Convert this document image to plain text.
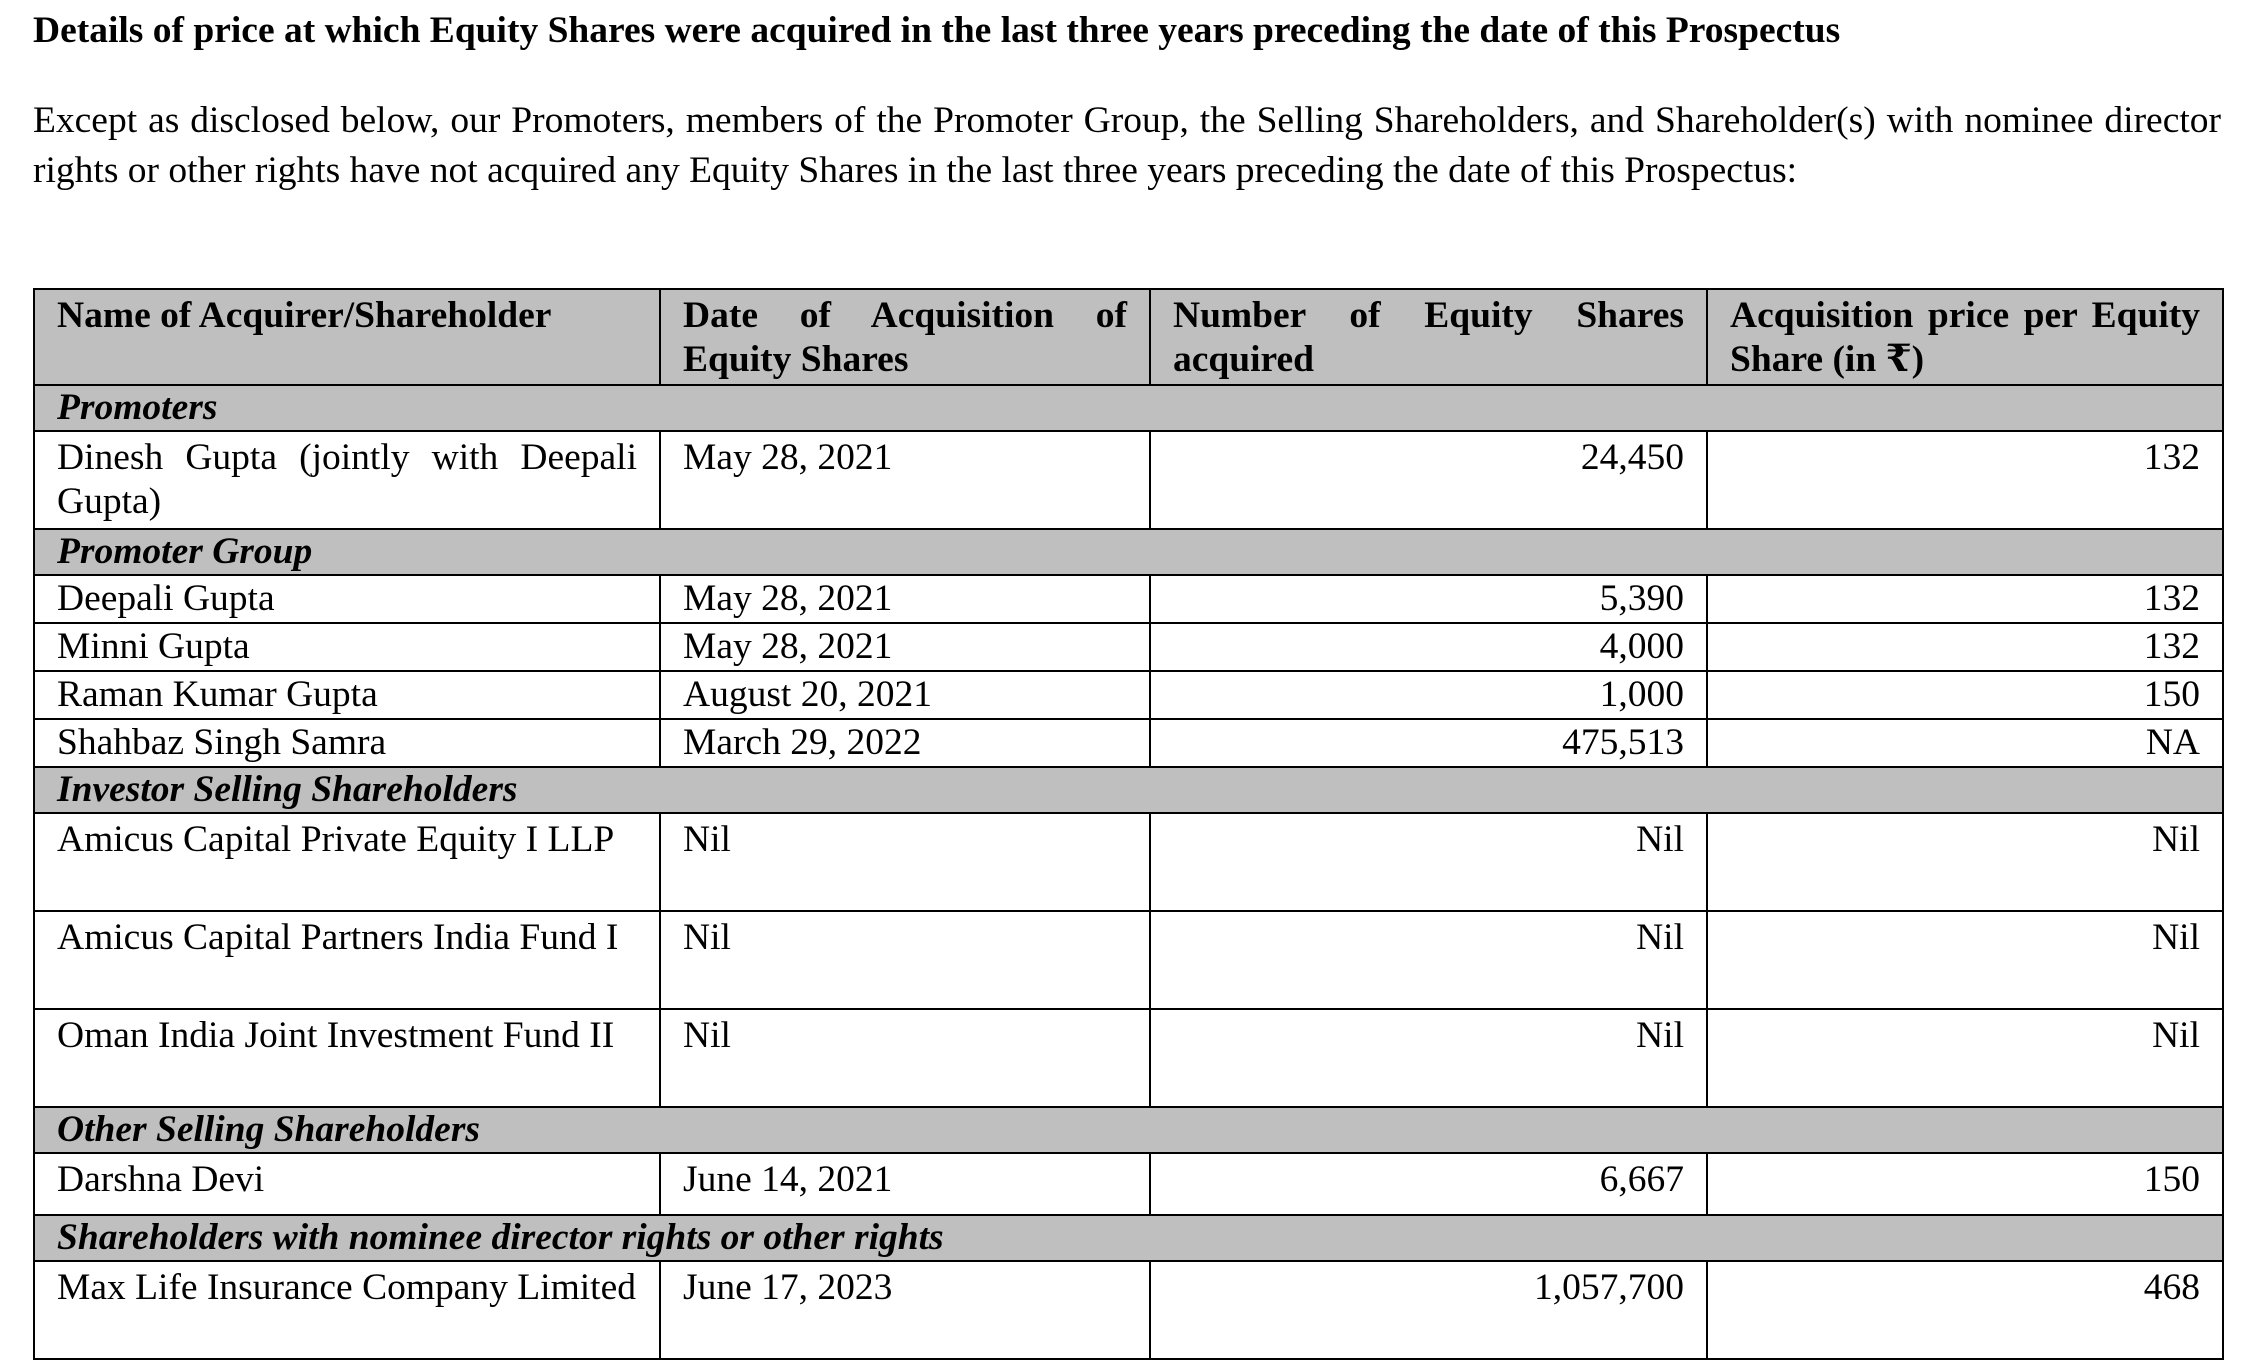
Details of price at which Equity Shares were acquired in the last three years preceding the date of this Prospectus
Except as disclosed below, our Promoters, members of the Promoter Group, the Selling Shareholders, and Shareholder(s) with nominee director rights or other rights have not acquired any Equity Shares in the last three years preceding the date of this Prospectus:
Name of Acquirer/Shareholder	Date of Acquisition of Equity Shares	Number of Equity Shares acquired	Acquisition price per Equity Share (in ₹)
Promoters			
Dinesh Gupta (jointly with Deepali Gupta)	May 28, 2021	24,450	132
Promoter Group			
Deepali Gupta	May 28, 2021	5,390	132
Minni Gupta	May 28, 2021	4,000	132
Raman Kumar Gupta	August 20, 2021	1,000	150
Shahbaz Singh Samra	March 29, 2022	475,513	NA
Investor Selling Shareholders			
Amicus Capital Private Equity I LLP	Nil	Nil	Nil
Amicus Capital Partners India Fund I	Nil	Nil	Nil
Oman India Joint Investment Fund II	Nil	Nil	Nil
Other Selling Shareholders			
Darshna Devi	June 14, 2021	6,667	150
Shareholders with nominee director rights or other rights			
Max Life Insurance Company Limited	June 17, 2023	1,057,700	468
